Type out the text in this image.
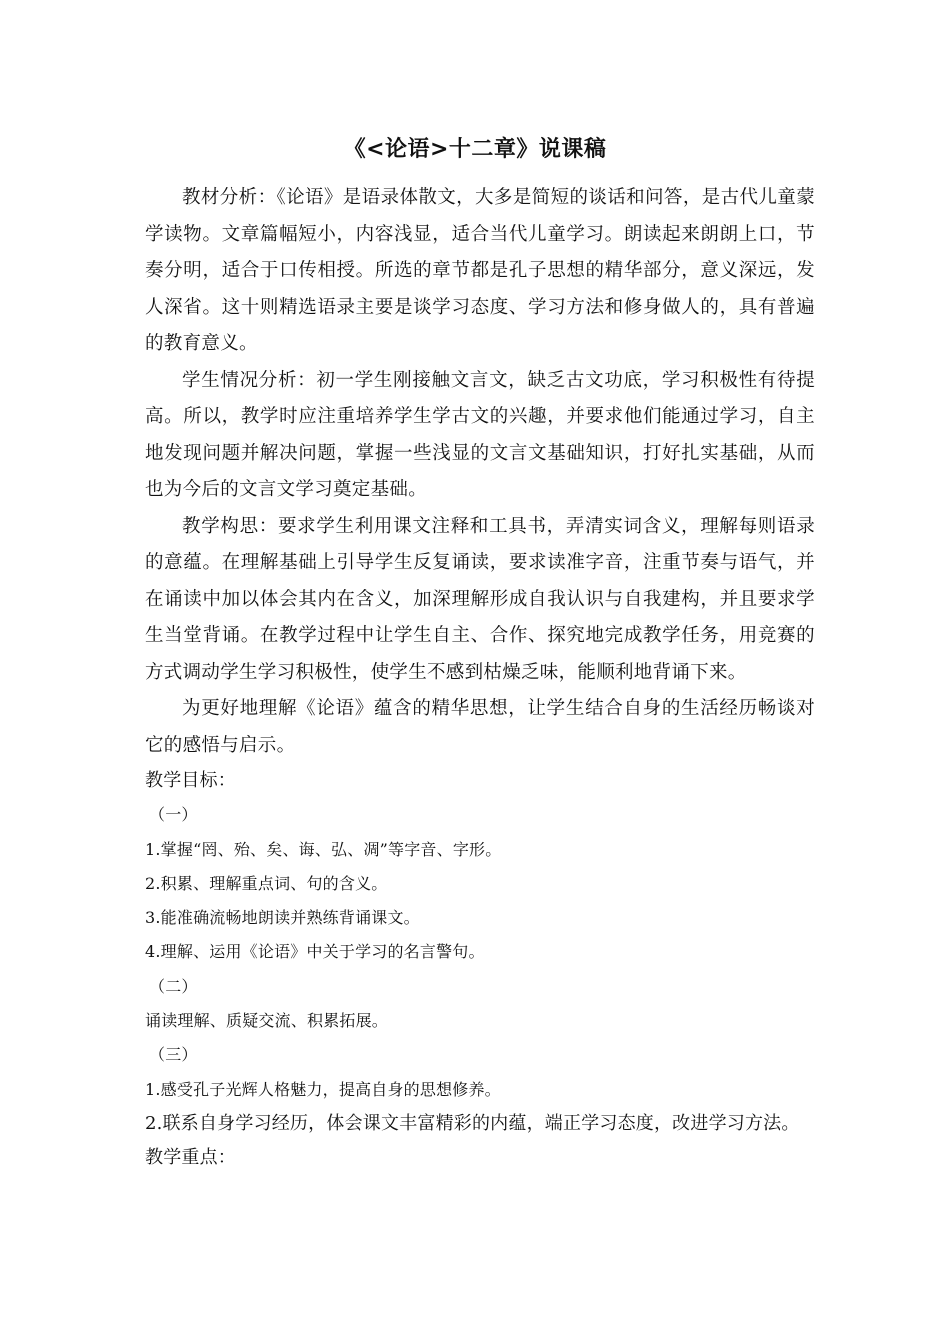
《<论语>十二章》说课稿

教材分析：《论语》是语录体散文，大多是简短的谈话和问答，是古代儿童蒙学读物。文章篇幅短小，内容浅显，适合当代儿童学习。朗读起来朗朗上口，节奏分明，适合于口传相授。所选的章节都是孔子思想的精华部分，意义深远，发人深省。这十则精选语录主要是谈学习态度、学习方法和修身做人的，具有普遍的教育意义。

学生情况分析：初一学生刚接触文言文，缺乏古文功底，学习积极性有待提高。所以，教学时应注重培养学生学古文的兴趣，并要求他们能通过学习，自主地发现问题并解决问题，掌握一些浅显的文言文基础知识，打好扎实基础，从而也为今后的文言文学习奠定基础。

教学构思：要求学生利用课文注释和工具书，弄清实词含义，理解每则语录的意蕴。在理解基础上引导学生反复诵读，要求读准字音，注重节奏与语气，并在诵读中加以体会其内在含义，加深理解形成自我认识与自我建构，并且要求学生当堂背诵。在教学过程中让学生自主、合作、探究地完成教学任务，用竞赛的方式调动学生学习积极性，使学生不感到枯燥乏味，能顺利地背诵下来。

为更好地理解《论语》蕴含的精华思想，让学生结合自身的生活经历畅谈对它的感悟与启示。

教学目标：

（一）

1.掌握“罔、殆、矣、诲、弘、凋”等字音、字形。

2.积累、理解重点词、句的含义。

3.能准确流畅地朗读并熟练背诵课文。

4.理解、运用《论语》中关于学习的名言警句。

（二）

诵读理解、质疑交流、积累拓展。

（三）

1.感受孔子光辉人格魅力，提高自身的思想修养。

2.联系自身学习经历，体会课文丰富精彩的内蕴，端正学习态度，改进学习方法。

教学重点：
